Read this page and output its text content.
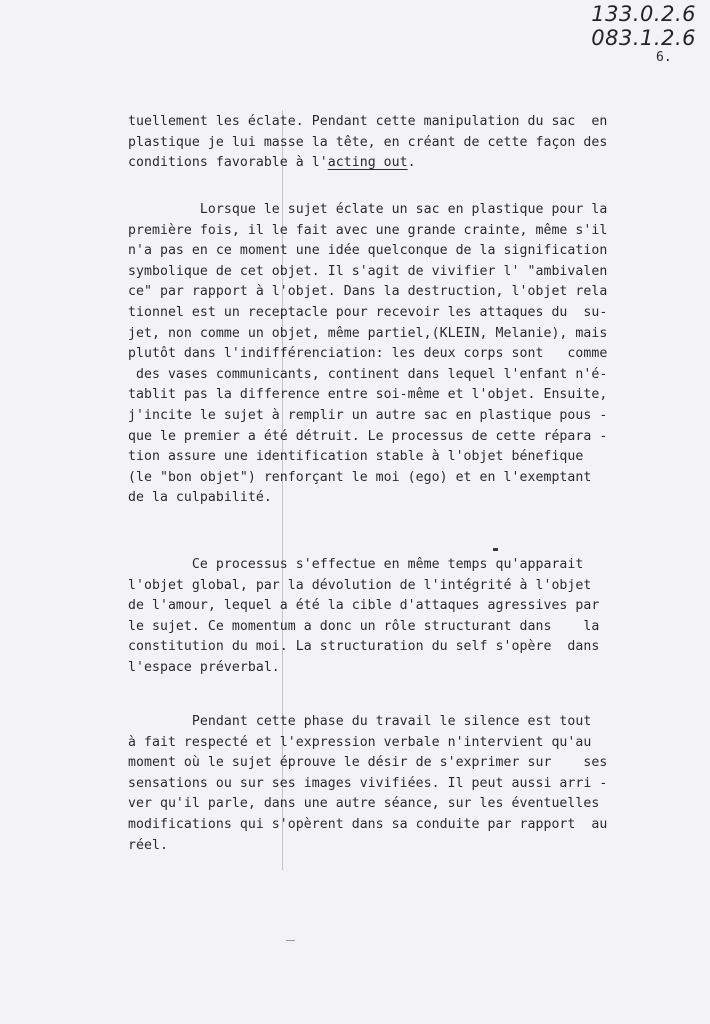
133.0.2.6
083.1.2.6
6.
tuellement les éclate. Pendant cette manipulation du sac  en
plastique je lui masse la tête, en créant de cette façon des
conditions favorable à l'acting out.
Lorsque le sujet éclate un sac en plastique pour la
première fois, il le fait avec une grande crainte, même s'il
n'a pas en ce moment une idée quelconque de la signification
symbolique de cet objet. Il s'agit de vivifier l' "ambivalen
ce" par rapport à l'objet. Dans la destruction, l'objet rela
tionnel est un receptacle pour recevoir les attaques du  su-
jet, non comme un objet, même partiel,(KLEIN, Melanie), mais
plutôt dans l'indifférenciation: les deux corps sont   comme
des vases communicants, continent dans lequel l'enfant n'é-
tablit pas la difference entre soi-même et l'objet. Ensuite,
j'incite le sujet à remplir un autre sac en plastique pous -
que le premier a été détruit. Le processus de cette répara -
tion assure une identification stable à l'objet bénefique
(le "bon objet") renforçant le moi (ego) et en l'exemptant
de la culpabilité.
Ce processus s'effectue en même temps qu'apparait
l'objet global, par la dévolution de l'intégrité à l'objet
de l'amour, lequel a été la cible d'attaques agressives par
le sujet. Ce momentum a donc un rôle structurant dans    la
constitution du moi. La structuration du self s'opère  dans
l'espace préverbal.
Pendant cette phase du travail le silence est tout
à fait respecté et l'expression verbale n'intervient qu'au
moment où le sujet éprouve le désir de s'exprimer sur    ses
sensations ou sur ses images vivifiées. Il peut aussi arri -
ver qu'il parle, dans une autre séance, sur les éventuelles
modifications qui s'opèrent dans sa conduite par rapport  au
réel.
